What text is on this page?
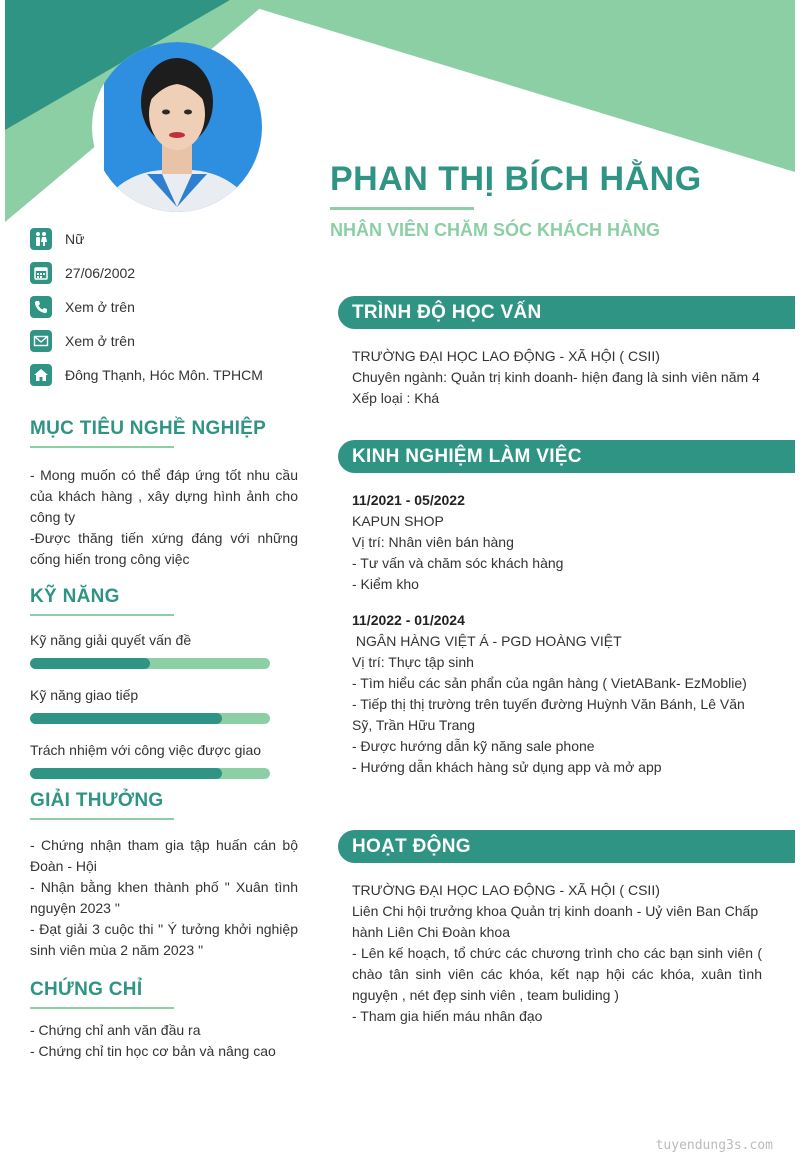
PHAN THỊ BÍCH HẰNG
NHÂN VIÊN CHĂM SÓC KHÁCH HÀNG
Nữ
27/06/2002
Xem ở trên
Xem ở trên
Đông Thạnh, Hóc Môn. TPHCM
MỤC TIÊU NGHỀ NGHIỆP

- Mong muốn có thể đáp ứng tốt nhu cầu của khách hàng , xây dựng hình ảnh cho công ty

-Được thăng tiến xứng đáng với những cống hiến trong công việc

KỸ NĂNG
Kỹ năng giải quyết vấn đề
Kỹ năng giao tiếp
Trách nhiệm với công việc được giao
GIẢI THƯỞNG

- Chứng nhận tham gia tập huấn cán bộ Đoàn - Hội

- Nhận bằng khen thành phố " Xuân tình nguyện 2023 "

- Đạt giải 3 cuộc thi " Ý tưởng khởi nghiệp sinh viên mùa 2 năm 2023 "

CHỨNG CHỈ

- Chứng chỉ anh văn đầu ra

- Chứng chỉ tin học cơ bản và nâng cao

TRÌNH ĐỘ HỌC VẤN

TRƯỜNG ĐẠI HỌC LAO ĐỘNG - XÃ HỘI ( CSII)

Chuyên ngành: Quản trị kinh doanh- hiện đang là sinh viên năm 4

Xếp loại : Khá

KINH NGHIỆM LÀM VIỆC

11/2021 - 05/2022

KAPUN SHOP

Vị trí: Nhân viên bán hàng

- Tư vấn và chăm sóc khách hàng

- Kiểm kho

11/2022 - 01/2024

NGÂN HÀNG VIỆT Á - PGD HOÀNG VIỆT

Vị trí: Thực tập sinh

- Tìm hiểu các sản phẩn của ngân hàng ( VietABank- EzMoblie)

- Tiếp thị thị trường trên tuyến đường Huỳnh Văn Bánh, Lê Văn Sỹ, Trần Hữu Trang

- Được hướng dẫn kỹ năng sale phone

- Hướng dẫn khách hàng sử dụng app và mở app

HOẠT ĐỘNG

TRƯỜNG ĐẠI HỌC LAO ĐỘNG - XÃ HỘI ( CSII)

Liên Chi hội trưởng khoa Quản trị kinh doanh - Uỷ viên Ban Chấp hành Liên Chi Đoàn khoa

- Lên kế hoạch, tổ chức các chương trình cho các bạn sinh viên ( chào tân sinh viên các khóa, kết nạp hội các khóa, xuân tình nguyện , nét đẹp sinh viên , team buliding )

- Tham gia hiến máu nhân đạo

tuyendung3s.com
